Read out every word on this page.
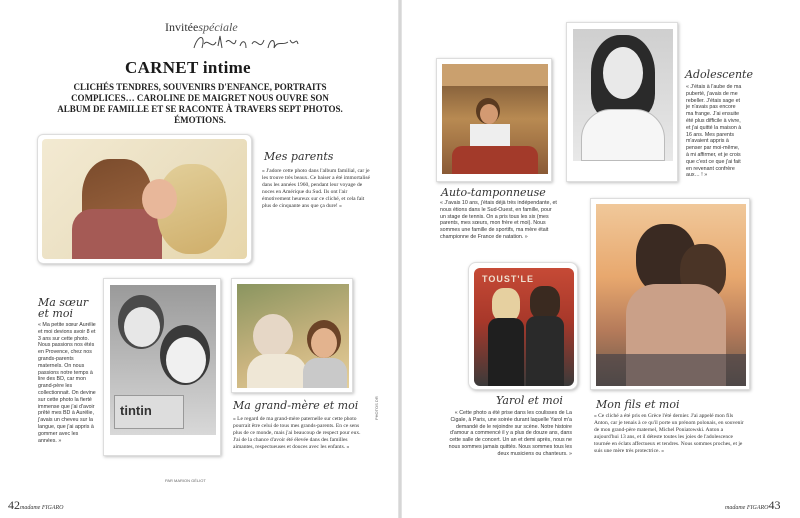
Invitéespéciale
CARNET intime
CLICHÉS TENDRES, SOUVENIRS D'ENFANCE, PORTRAITS COMPLICES… CAROLINE DE MAIGRET NOUS OUVRE SON ALBUM DE FAMILLE ET SE RACONTE À TRAVERS SEPT PHOTOS. ÉMOTIONS.
Mes parents
« J'adore cette photo dans l'album familial, car je les trouve très beaux. Ce baiser a été immortalisé dans les années 1960, pendant leur voyage de noces en Amérique du Sud. Ils ont l'air émotivement heureux sur ce cliché, et cela fait plus de cinquante ans que ça dure! »
tintin
Ma sœur et moi
« Ma petite sœur Aurélie et moi devions avoir 8 et 3 ans sur cette photo. Nous passions nos étés en Provence, chez nos grands-parents maternels. On nous passions notre temps à lire des BD, car mon grand-père les collectionnait. On devine sur cette photo la fierté immense que j'ai d'avoir prêté mes BD à Aurélie, j'avais un cheveu sur la langue, que j'ai appris à gommer avec les années. »
Ma grand-mère et moi
« Le regard de ma grand-mère paternelle sur cette photo pourrait être celui de tous mes grands-parents. En ce sens plus de ce monde, mais j'ai beaucoup de respect pour eux. J'ai de la chance d'avoir été élevée dans des familles aimantes, respectueuses et douces avec les enfants. »
PAR MARION GÉLIOT
PHOTOS DR
42madame FIGARO
Auto-tamponneuse
« J'avais 10 ans, j'étais déjà très indépendante, et nous étions dans le Sud-Ouest, en famille, pour un stage de tennis. On a pris tous les six (mes parents, mes sœurs, mon frère et moi). Nous sommes une famille de sportifs, ma mère était championne de France de natation. »
Adolescente
« J'étais à l'aube de ma puberté, j'avais de me rebeller. J'étais sage et je n'avais pas encore ma frange. J'ai ensuite été plus difficile à vivre, et j'ai quitté la maison à 16 ans. Mes parents m'avaient appris à penser par moi-même, à mi affirmer, et je crois que c'est ce que j'ai fait en revenant confrère aux… ! »
TOUST'LE
Yarol et moi
« Cette photo a été prise dans les coulisses de La Cigale, à Paris, une soirée durant laquelle Yarol m'a demandé de le rejoindre sur scène. Notre histoire d'amour a commencé il y a plus de douze ans, dans cette salle de concert. Un an et demi après, nous ne nous sommes jamais quittés. Nous sommes tous les deux musiciens ou chanteurs. »
Mon fils et moi
« Ce cliché a été pris en Grèce l'été dernier. J'ai appelé mon fils Anton, car je tenais à ce qu'il porte un prénom polonais, en souvenir de mon grand-père maternel, Michel Poniatowski. Anton a aujourd'hui 13 ans, et il déteste toutes les joies de l'adolescence tournée en éclats affectueux et tendres. Nous sommes proches, et je suis une mère très protectrice. »
madame FIGARO43
